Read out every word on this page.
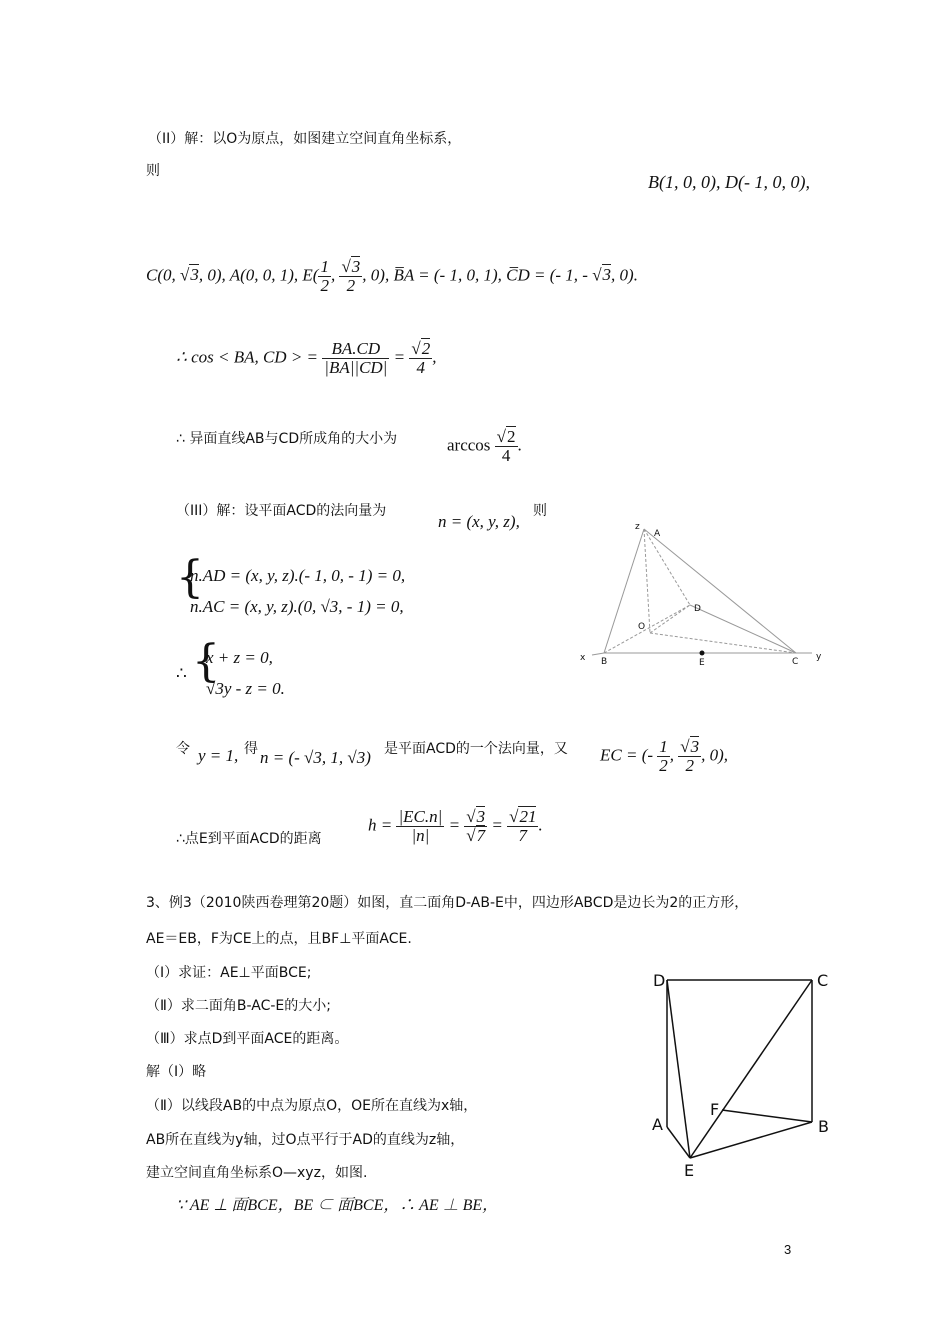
（II）解：以O为原点，如图建立空间直角坐标系，
则
B(1, 0, 0), D(- 1, 0, 0),
C(0, √3, 0), A(0, 0, 1), $E( \frac{1}{2}$ , $\frac{√3}{2}$ , 0), B̅A = (- 1, 0, 1), C̅D = (- 1, - √3, 0).
∴ cos < BA, CD > = $\frac{BA.CD}{|BA||CD|} = \frac{√2}{4}$ ,
∴ 异面直线AB与CD所成角的大小为	$\arccos \frac{√2}{4}$ .
（III）解：设平面ACD的法向量为
n = (x, y, z),
则
{
n.AD = (x, y, z).(- 1, 0, - 1) = 0,
n.AC = (x, y, z).(0, √3, - 1) = 0,
∴ {
x + z = 0,
√3y - z = 0.
令 y = 1, 得 n = (- √3, 1, √3) 是平面ACD的一个法向量，又 EC = (- $\frac{1}{2}$ , $\frac{√3}{2}$ , 0),
∴点E到平面ACD的距离
$h = \frac{|EC.n|}{|n|} = \frac{√3}{√7} = \frac{√21}{7}$ .
3、例3（2010陕西卷理第20题）如图，直二面角D-AB-E中，四边形ABCD是边长为2的正方形，
AE＝EB，F为CE上的点，且BF⊥平面ACE.
（Ⅰ）求证：AE⊥平面BCE;
（Ⅱ）求二面角B-AC-E的大小;
（Ⅲ）求点D到平面ACE的距离。
解（Ⅰ）略
（Ⅱ）以线段AB的中点为原点O，OE所在直线为x轴，
AB所在直线为y轴，过O点平行于AD的直线为z轴，
建立空间直角坐标系O—xyz，如图.
∵ AE ⊥ 面BCE，BE ⊂ 面BCE，∴ AE ⊥ BE，
z
A
D
O
x B	E	C y
D	C
F
A	B
E
3
